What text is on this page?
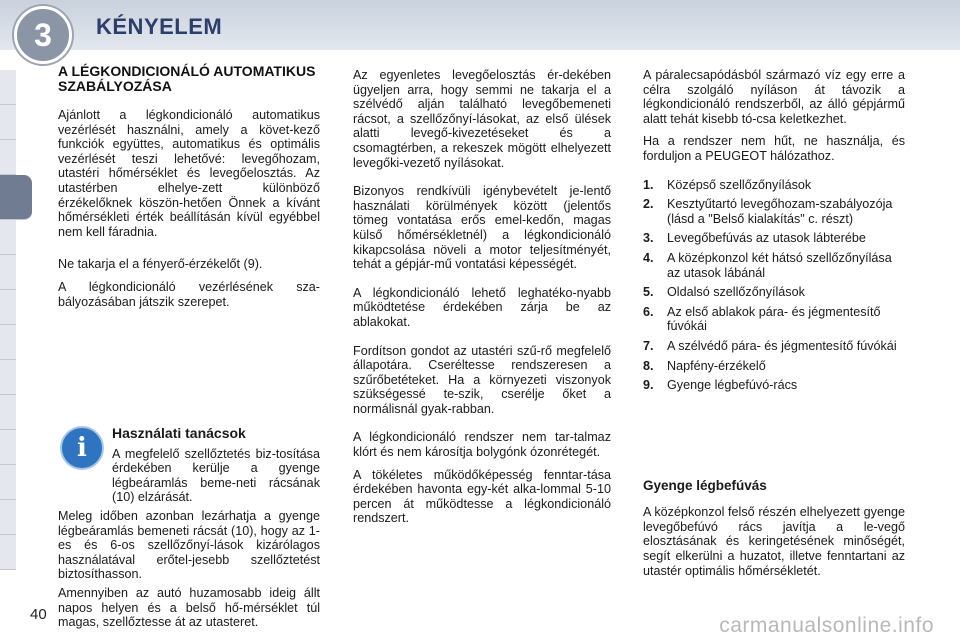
3 KÉNYELEM
A LÉGKONDICIONÁLÓ AUTOMATIKUS SZABÁLYOZÁSA

Ajánlott a légkondicionáló automatikus vezérlését használni, amely a követ-kező funkciók együttes, automatikus és optimális vezérlését teszi lehetővé: levegőhozam, utastéri hőmérséklet és levegőelosztás. Az utastérben elhelye-zett különböző érzékelőknek köszön-hetően Önnek a kívánt hőmérsékleti érték beállításán kívül egyébbel nem kell fáradnia.

Ne takarja el a fényerő-érzékelőt (9).

A légkondicionáló vezérlésének sza-bályozásában játszik szerepet.

i	Használati tanácsok

A megfelelő szellőztetés biz-tosítása érdekében kerülje a gyenge légbeáramlás beme-neti rácsának (10) elzárását.

Meleg időben azonban lezárhatja a gyenge légbeáramlás bemeneti rácsát (10), hogy az 1-es és 6-os szellőzőnyí-lások kizárólagos használatával erőtel-jesebb szellőztetést biztosíthasson.

Amennyiben az autó huzamosabb ideig állt napos helyen és a belső hő-mérséklet túl magas, szellőztesse át az utasteret.

Az egyenletes levegőelosztás ér-dekében ügyeljen arra, hogy semmi ne takarja el a szélvédő alján található levegőbemeneti rácsot, a szellőzőnyí-lásokat, az első ülések alatti levegő-kivezetéseket és a csomagtérben, a rekeszek mögött elhelyezett levegőki-vezető nyílásokat.

Bizonyos rendkívüli igénybevételt je-lentő használati körülmények között (jelentős tömeg vontatása erős emel-kedőn, magas külső hőmérsékletnél) a légkondicionáló kikapcsolása növeli a motor teljesítményét, tehát a gépjár-mű vontatási képességét.

A légkondicionáló lehető leghatéko-nyabb működtetése érdekében zárja be az ablakokat.

Fordítson gondot az utastéri szű-rő megfelelő állapotára. Cseréltesse rendszeresen a szűrőbetéteket. Ha a környezeti viszonyok szükségessé te-szik, cserélje őket a normálisnál gyak-rabban.

A légkondicionáló rendszer nem tar-talmaz klórt és nem károsítja bolygónk ózonrétegét.

A tökéletes működőképesség fenntar-tása érdekében havonta egy-két alka-lommal 5-10 percen át működtesse a légkondicionáló rendszert.

A páralecsapódásból származó víz egy erre a célra szolgáló nyíláson át távozik a légkondicionáló rendszerből, az álló gépjármű alatt tehát kisebb tó-csa keletkezhet.

Ha a rendszer nem hűt, ne használja, és forduljon a PEUGEOT hálózathoz.

1.	Középső szellőzőnyílások
2.	Kesztyűtartó levegőhozam-szabályozója (lásd a "Belső kialakítás" c. részt)
3.	Levegőbefúvás az utasok lábterébe
4.	A középkonzol két hátsó szellőzőnyílása az utasok lábánál
5.	Oldalsó szellőzőnyílások
6.	Az első ablakok pára- és jégmentesítő fúvókái
7.	A szélvédő pára- és jégmentesítő fúvókái
8.	Napfény-érzékelő
9.	Gyenge légbefúvó-rács
Gyenge légbefúvás

A középkonzol felső részén elhelyezett gyenge levegőbefúvó rács javítja a le-vegő elosztásának és keringetésének minőségét, segít elkerülni a huzatot, illetve fenntartani az utastér optimális hőmérsékletét.

40	carmanualsonline.info
